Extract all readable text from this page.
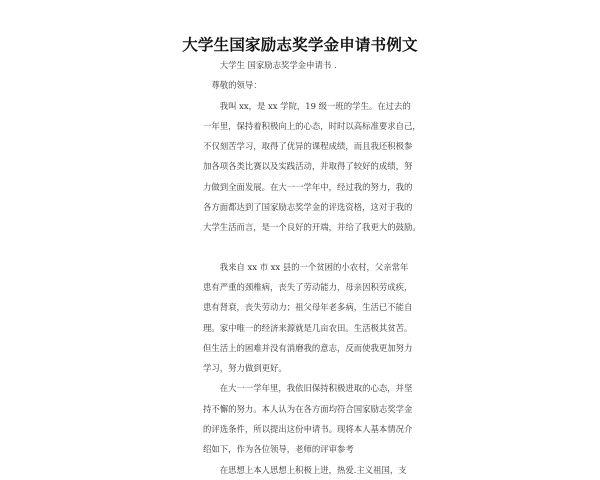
大学生国家励志奖学金申请书例文
　　大学生 国家励志奖学金申请书 .
　尊敬的领导：
　　我叫 xx，是 xx 学院，19 级一班的学生。在过去的
一年里，保持着积极向上的心态，时时以高标准要求自己，
不仅刻苦学习，取得了优异的课程成绩，而且我还积极参
加各项各类比赛以及实践活动，并取得了较好的成绩，努
力做到全面发展。在大一一学年中，经过我的努力，我的
各方面都达到了国家励志奖学金的评选资格，这对于我的
大学生活而言，是一个良好的开端，并给了我更大的鼓励。
　　我来自 xx 市 xx 县的一个贫困的小农村，父亲常年
患有严重的颈椎病，丧失了劳动能力，母亲因积劳成疾，
患有肾衰，丧失劳动力；祖父母年老多病，生活已不能自
理。家中唯一的经济来源就是几亩农田。生活极其贫苦。
但生活上的困难并没有消磨我的意志，反而使我更加努力
学习，努力做到更好。
　　在大一一学年里，我依旧保持积极进取的心态，并坚
持不懈的努力。本人认为在各方面均符合国家励志奖学金
的评选条件，所以提出这份申请书。现将本人基本情况介
绍如下，作为各位领导，老师的评审参考
　　在思想上本人思想上积极上进，热爱.主义祖国，支
